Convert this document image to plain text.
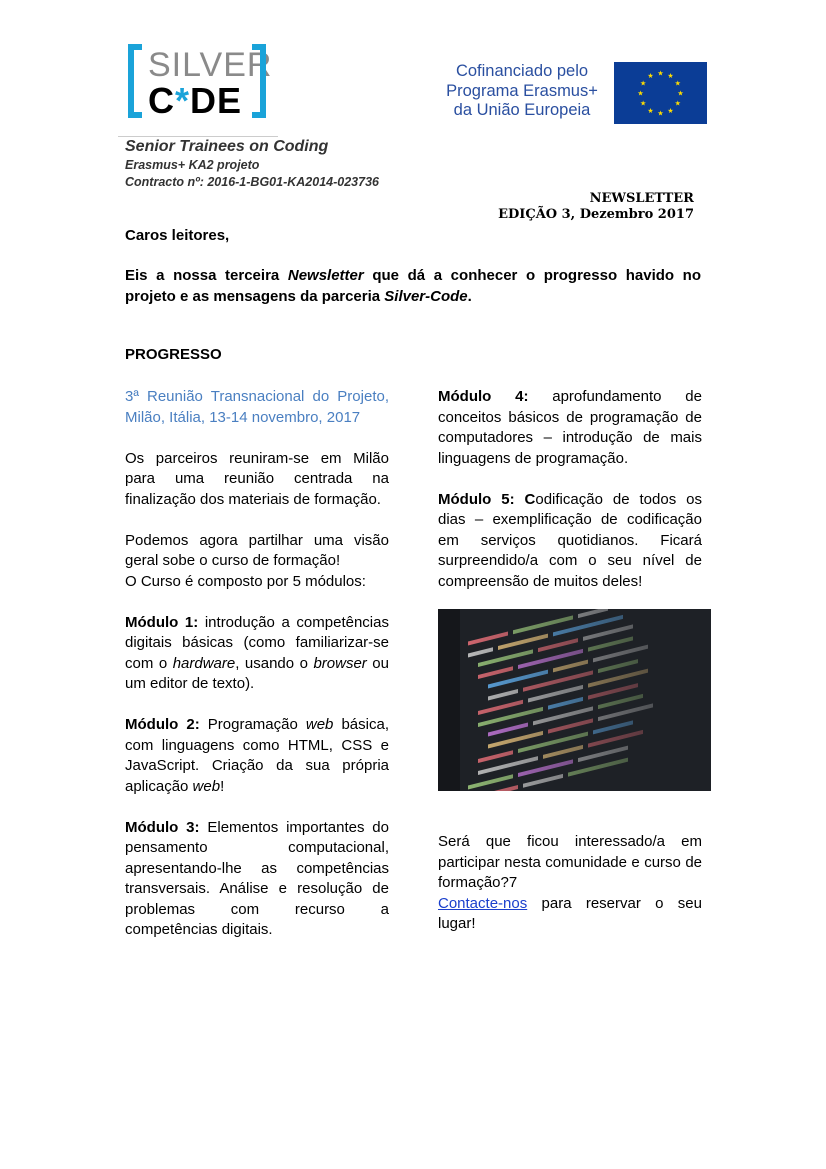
SILVER
C*DE
Cofinanciado pelo
Programa Erasmus+
da União Europeia
★ ★
★
★
★
★
★
★
★
★
★
★
Senior Trainees on Coding
Erasmus+ KA2 projeto
Contracto nº: 2016-1-BG01-KA2014-023736
NEWSLETTER
EDIÇÃO 3, Dezembro 2017
Caros leitores,
Eis a nossa terceira Newsletter que dá a conhecer o progresso havido no projeto e as mensagens da parceria Silver-Code.
PROGRESSO

3ª Reunião Transnacional do Projeto, Milão, Itália, 13-14 novembro, 2017

Os parceiros reuniram-se em Milão para uma reunião centrada na finalização dos materiais de formação.

Podemos agora partilhar uma visão geral sobe o curso de formação!

O Curso é composto por 5 módulos:

Módulo 1: introdução a competências digitais básicas (como familiarizar-se com o hardware, usando o browser ou um editor de texto).

Módulo 2: Programação web básica, com linguagens como HTML, CSS e JavaScript. Criação da sua própria aplicação web!

Módulo 3: Elementos importantes do pensamento computacional, apresentando-lhe as competências transversais. Análise e resolução de problemas com recurso a competências digitais.

Módulo 4: aprofundamento de conceitos básicos de programação de computadores – introdução de mais linguagens de programação.

Módulo 5: Codificação de todos os dias – exemplificação de codificação em serviços quotidianos. Ficará surpreendido/a com o seu nível de compreensão de muitos deles!

Será que ficou interessado/a em participar nesta comunidade e curso de formação?7

Contacte-nos para reservar o seu lugar!
